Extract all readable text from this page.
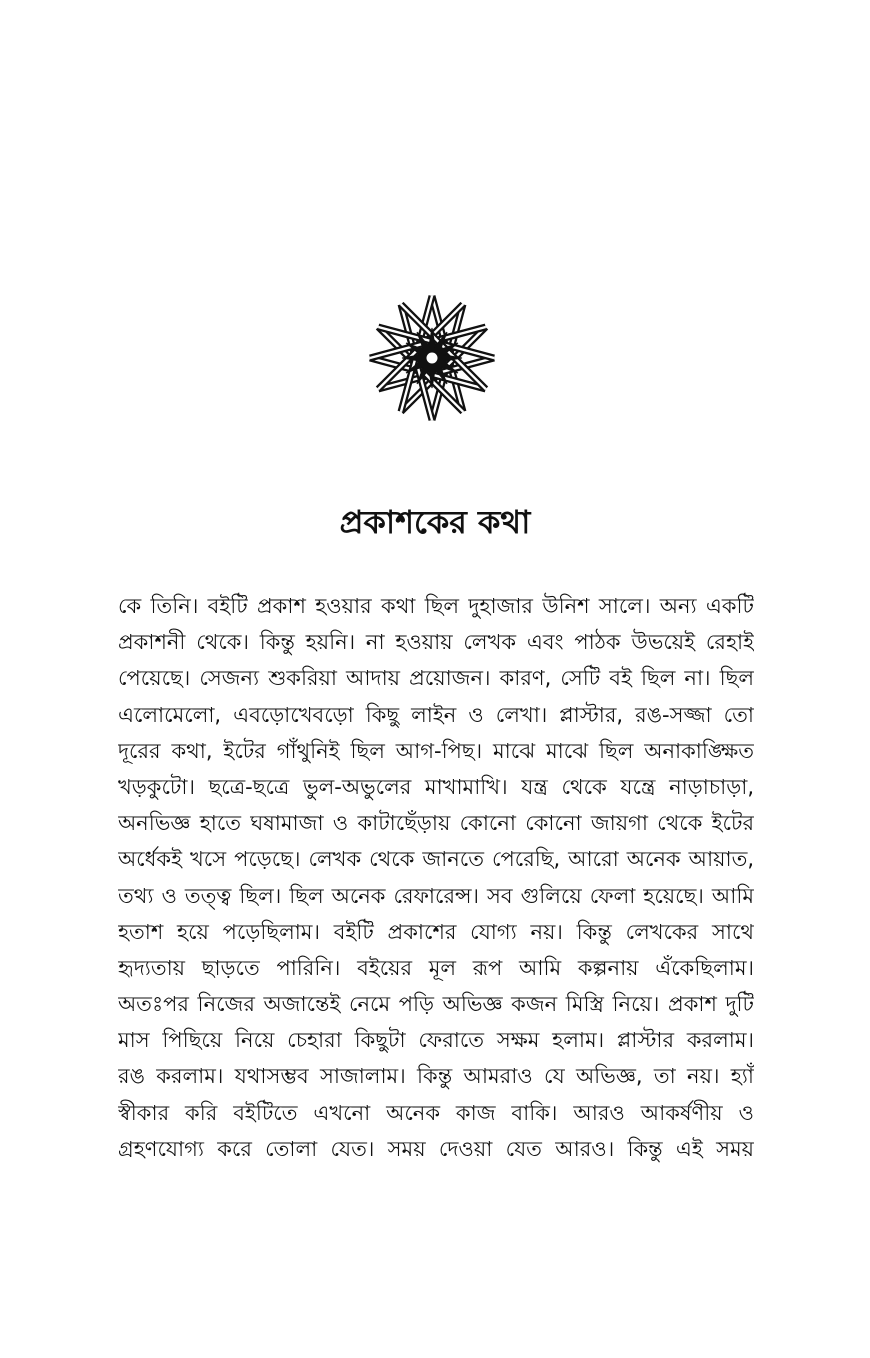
প্রকাশকের কথা
কে তিনি। বইটি প্রকাশ হওয়ার কথা ছিল দুহাজার উনিশ সালে। অন্য একটি
প্রকাশনী থেকে। কিন্তু হয়নি। না হওয়ায় লেখক এবং পাঠক উভয়েই রেহাই
পেয়েছে। সেজন্য শুকরিয়া আদায় প্রয়োজন। কারণ, সেটি বই ছিল না। ছিল
এলোমেলো, এবড়োখেবড়ো কিছু লাইন ও লেখা। প্লাস্টার, রঙ-সজ্জা তো
দূরের কথা, ইটের গাঁথুনিই ছিল আগ-পিছ। মাঝে মাঝে ছিল অনাকাঙ্ক্ষিত
খড়কুটো। ছত্রে-ছত্রে ভুল-অভুলের মাখামাখি। যন্ত্র থেকে যন্ত্রে নাড়াচাড়া,
অনভিজ্ঞ হাতে ঘষামাজা ও কাটাছেঁড়ায় কোনো কোনো জায়গা থেকে ইটের
অর্ধেকই খসে পড়েছে। লেখক থেকে জানতে পেরেছি, আরো অনেক আয়াত,
তথ্য ও তত্ত্ব ছিল। ছিল অনেক রেফারেন্স। সব গুলিয়ে ফেলা হয়েছে। আমি
হতাশ হয়ে পড়েছিলাম। বইটি প্রকাশের যোগ্য নয়। কিন্তু লেখকের সাথে
হৃদ্যতায় ছাড়তে পারিনি। বইয়ের মূল রূপ আমি কল্পনায় এঁকেছিলাম।
অতঃপর নিজের অজান্তেই নেমে পড়ি অভিজ্ঞ কজন মিস্ত্রি নিয়ে। প্রকাশ দুটি
মাস পিছিয়ে নিয়ে চেহারা কিছুটা ফেরাতে সক্ষম হলাম। প্লাস্টার করলাম।
রঙ করলাম। যথাসম্ভব সাজালাম। কিন্তু আমরাও যে অভিজ্ঞ, তা নয়। হ্যাঁ
স্বীকার করি বইটিতে এখনো অনেক কাজ বাকি। আরও আকর্ষণীয় ও
গ্রহণযোগ্য করে তোলা যেত। সময় দেওয়া যেত আরও। কিন্তু এই সময়
